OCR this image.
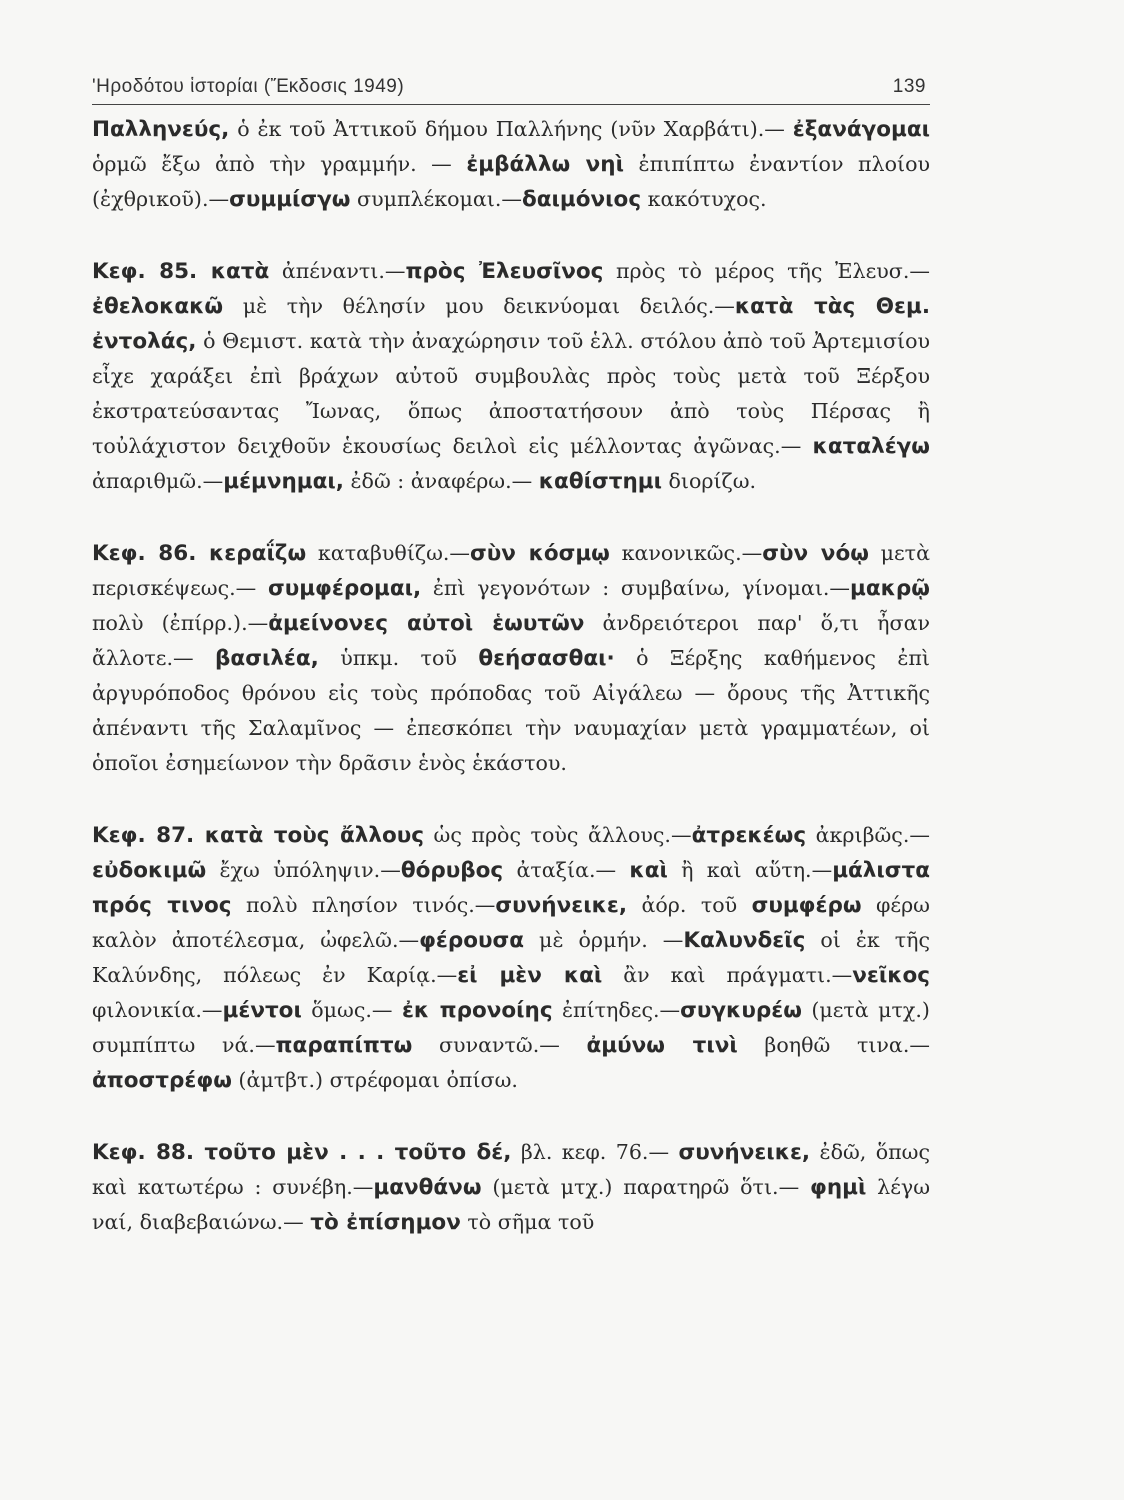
'Ηροδότου ἱστορίαι (Ἔκδοσις 1949)	139

Παλληνεύς, ὁ ἐκ τοῦ Ἀττικοῦ δήμου Παλλήνης (νῦν Χαρβάτι).— ἐξανάγομαι ὁρμῶ ἔξω ἀπὸ τὴν γραμμήν. — ἐμβάλλω νηὶ ἐπιπίπτω ἐναντίον πλοίου (ἐχθρικοῦ).—συμμίσγω συμπλέκομαι.—δαιμόνιος κακότυχος.

Κεφ. 85. κατὰ ἀπέναντι.—πρὸς Ἐλευσῖνος πρὸς τὸ μέρος τῆς Ἐλευσ.—ἐθελοκακῶ μὲ τὴν θέλησίν μου δεικνύομαι δειλός.—κατὰ τὰς Θεμ. ἐντολάς, ὁ Θεμιστ. κατὰ τὴν ἀναχώρησιν τοῦ ἑλλ. στόλου ἀπὸ τοῦ Ἀρτεμισίου εἶχε χαράξει ἐπὶ βράχων αὐτοῦ συμβουλὰς πρὸς τοὺς μετὰ τοῦ Ξέρξου ἐκστρατεύσαντας Ἴωνας, ὅπως ἀποστατήσουν ἀπὸ τοὺς Πέρσας ἢ τοὐλάχιστον δειχθοῦν ἑκουσίως δειλοὶ εἰς μέλλοντας ἀγῶνας.— καταλέγω ἀπαριθμῶ.—μέμνημαι, ἐδῶ : ἀναφέρω.— καθίστημι διορίζω.

Κεφ. 86. κεραΐζω καταβυθίζω.—σὺν κόσμῳ κανονικῶς.—σὺν νόῳ μετὰ περισκέψεως.— συμφέρομαι, ἐπὶ γεγονότων : συμβαίνω, γίνομαι.—μακρῷ πολὺ (ἐπίρρ.).—ἀμείνονες αὐτοὶ ἑωυτῶν ἀνδρειότεροι παρ' ὅ,τι ἦσαν ἄλλοτε.— βασιλέα, ὑπκμ. τοῦ θεήσασθαι· ὁ Ξέρξης καθήμενος ἐπὶ ἀργυρόποδος θρόνου εἰς τοὺς πρόποδας τοῦ Αἰγάλεω — ὄρους τῆς Ἀττικῆς ἀπέναντι τῆς Σαλαμῖνος — ἐπεσκόπει τὴν ναυμαχίαν μετὰ γραμματέων, οἱ ὁποῖοι ἐσημείωνον τὴν δρᾶσιν ἑνὸς ἑκάστου.

Κεφ. 87. κατὰ τοὺς ἄλλους ὡς πρὸς τοὺς ἄλλους.—ἀτρεκέως ἀκριβῶς.—εὐδοκιμῶ ἔχω ὑπόληψιν.—θόρυβος ἀταξία.— καὶ ἢ καὶ αὕτη.—μάλιστα πρός τινος πολὺ πλησίον τινός.—συνήνεικε, ἀόρ. τοῦ συμφέρω φέρω καλὸν ἀποτέλεσμα, ὠφελῶ.—φέρουσα μὲ ὁρμήν. —Καλυνδεῖς οἱ ἐκ τῆς Καλύνδης, πόλεως ἐν Καρίᾳ.—εἰ μὲν καὶ ἂν καὶ πράγματι.—νεῖκος φιλονικία.—μέντοι ὅμως.— ἐκ προνοίης ἐπίτηδες.—συγκυρέω (μετὰ μτχ.) συμπίπτω νά.—παραπίπτω συναντῶ.— ἀμύνω τινὶ βοηθῶ τινα.— ἀποστρέφω (ἀμτβτ.) στρέφομαι ὀπίσω.

Κεφ. 88. τοῦτο μὲν . . . τοῦτο δέ, βλ. κεφ. 76.— συνήνεικε, ἐδῶ, ὅπως καὶ κατωτέρω : συνέβη.—μανθάνω (μετὰ μτχ.) παρατηρῶ ὅτι.— φημὶ λέγω ναί, διαβεβαιώνω.— τὸ ἐπίσημον τὸ σῆμα τοῦ
